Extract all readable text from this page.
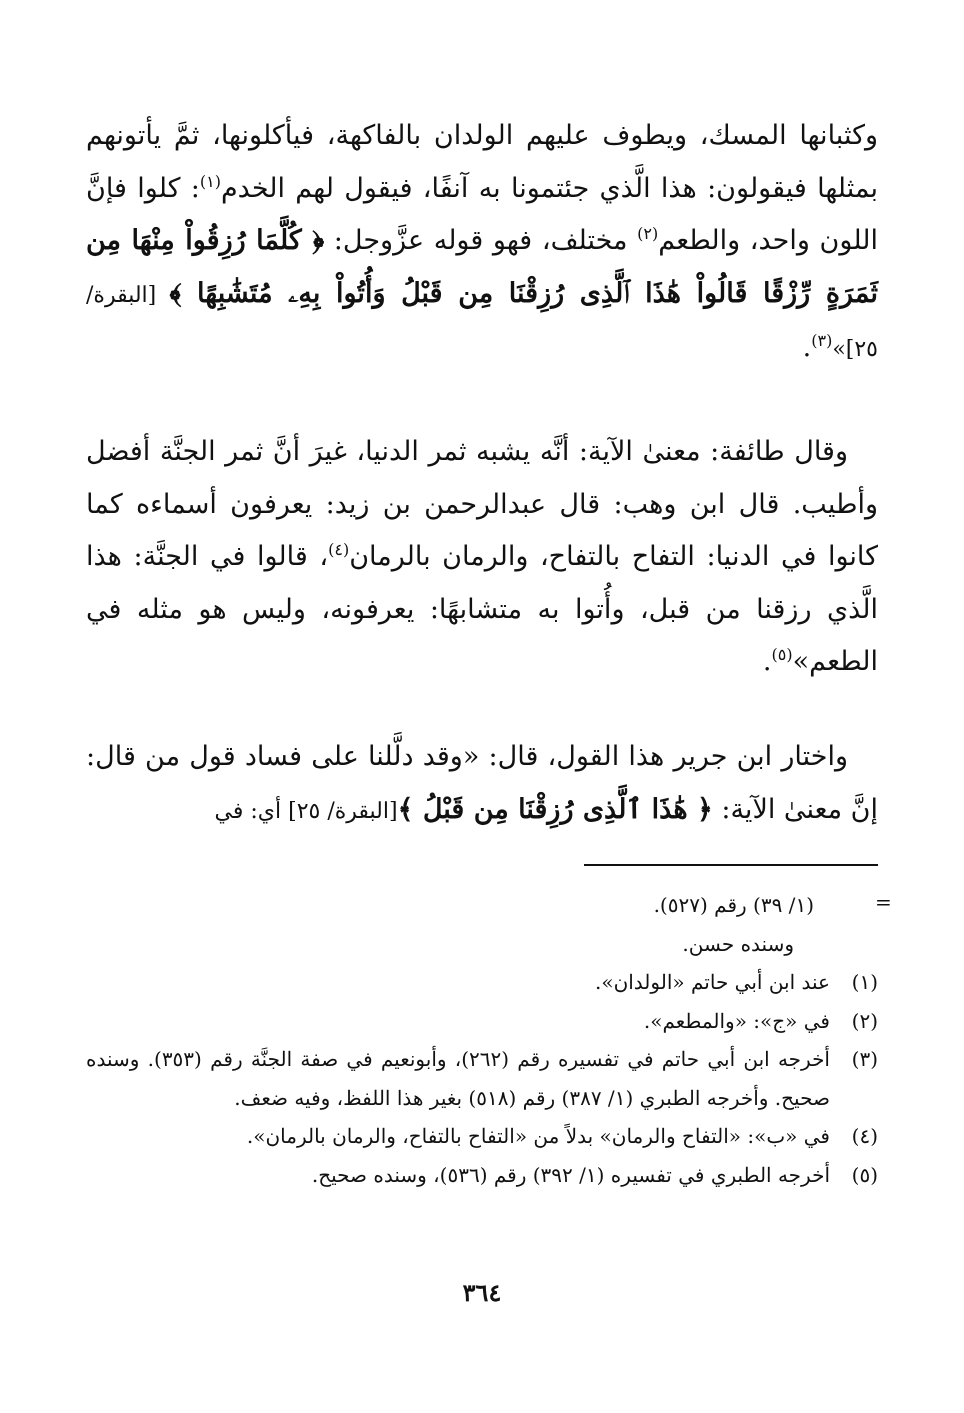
وكثبانها المسك، ويطوف عليهم الولدان بالفاكهة، فيأكلونها، ثمَّ يأتونهم بمثلها فيقولون: هذا الَّذي جئتمونا به آنفًا، فيقول لهم الخدم$^{(١)}$: كلوا فإنَّ اللون واحد، والطعم$^{(٢)}$ مختلف، فهو قوله عزَّوجل: ﴿ كُلَّمَا رُزِقُواْ مِنْهَا مِن ثَمَرَةٍ رِّزْقًا قَالُواْ هَٰذَا ٱلَّذِى رُزِقْنَا مِن قَبْلُ وَأُتُواْ بِهِۦ مُتَشَٰبِهًا ﴾ [البقرة/ ٢٥]»$^{(٣)}$.

وقال طائفة: معنىٰ الآية: أنَّه يشبه ثمر الدنيا، غيرَ أنَّ ثمر الجنَّة أفضل وأطيب. قال ابن وهب: قال عبدالرحمن بن زيد: يعرفون أسماءه كما كانوا في الدنيا: التفاح بالتفاح، والرمان بالرمان$^{(٤)}$، قالوا في الجنَّة: هذا الَّذي رزقنا من قبل، وأُتوا به متشابهًا: يعرفونه، وليس هو مثله في الطعم»$^{(٥)}$.

واختار ابن جرير هذا القول، قال: «وقد دلَّلنا على فساد قول من قال: إنَّ معنىٰ الآية: ﴿ هَٰذَا ٱلَّذِى رُزِقْنَا مِن قَبْلُ ﴾[البقرة/ ٢٥] أي: في

=
(١/ ٣٩) رقم (٥٢٧).
وسنده حسن.
(١)
عند ابن أبي حاتم «الولدان».
(٢)
في «ج»: «والمطعم».
(٣)
أخرجه ابن أبي حاتم في تفسيره رقم (٢٦٢)، وأبونعيم في صفة الجنَّة رقم (٣٥٣). وسنده صحيح. وأخرجه الطبري (١/ ٣٨٧) رقم (٥١٨) بغير هذا اللفظ، وفيه ضعف.
(٤)
في «ب»: «التفاح والرمان» بدلاً من «التفاح بالتفاح، والرمان بالرمان».
(٥)
أخرجه الطبري في تفسيره (١/ ٣٩٢) رقم (٥٣٦)، وسنده صحيح.
٣٦٤
